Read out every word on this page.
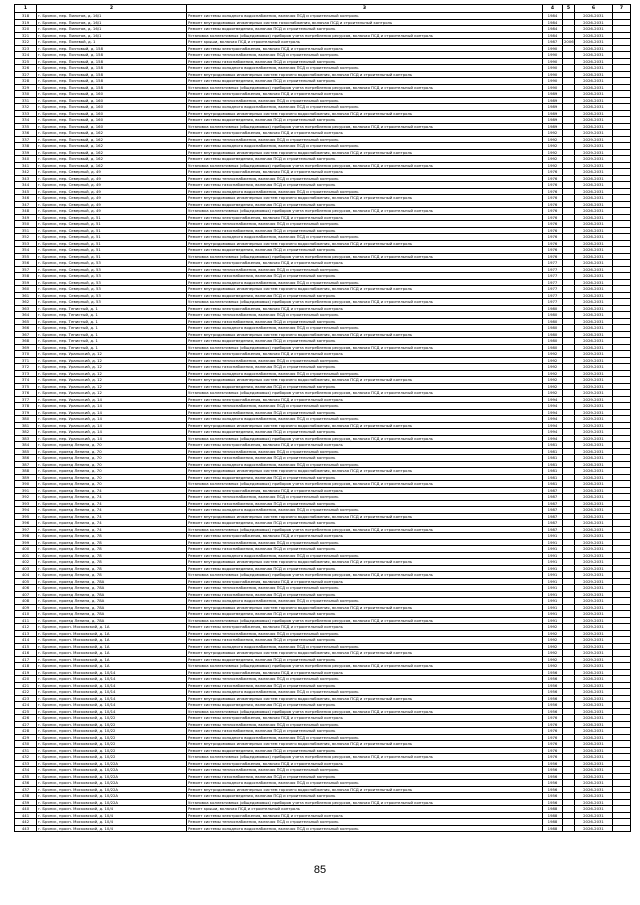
1	2	3	4	5	6	7
318	г. Брянск, пер. Пилотов, д. 16/1	Ремонт системы холодного водоснабжения, включая ПСД и строительный контроль	1984		2026-2031	
319	г. Брянск, пер. Пилотов, д. 16/1	Ремонт внутридомовых инженерных систем газоснабжения, включая ПСД и строительный контроль	1984		2026-2031	
320	г. Брянск, пер. Пилотов, д. 16/1	Ремонт системы водоотведения, включая ПСД и строительный контроль	1984		2026-2031	
321	г. Брянск, пер. Пилотов, д. 16/1	Установка коллективных (общедомовых) приборов учета потребления ресурсов, включая ПСД и строительный контроль	1984		2026-2031	
322	г. Брянск, пер. Полевой, д. 1	Ремонт крыши, включая ПСД и строительный контроль	1987	2006	2026-2031	
323	г. Брянск, пер. Почтовый, д. 158	Ремонт системы электроснабжения, включая ПСД и строительный контроль	1990		2026-2031	
324	г. Брянск, пер. Почтовый, д. 158	Ремонт системы теплоснабжения, включая ПСД и строительный контроль	1990		2026-2031	
325	г. Брянск, пер. Почтовый, д. 158	Ремонт системы газоснабжения, включая ПСД и строительный контроль	1990		2026-2031	
326	г. Брянск, пер. Почтовый, д. 158	Ремонт системы холодного водоснабжения, включая ПСД и строительный контроль	1990		2026-2031	
327	г. Брянск, пер. Почтовый, д. 158	Ремонт внутридомовых инженерных систем горячего водоснабжения, включая ПСД и строительный контроль	1990		2026-2031	
328	г. Брянск, пер. Почтовый, д. 158	Ремонт системы водоотведения, включая ПСД и строительный контроль	1990		2026-2031	
329	г. Брянск, пер. Почтовый, д. 158	Установка коллективных (общедомовых) приборов учета потребления ресурсов, включая ПСД и строительный контроль	1990		2026-2031	
330	г. Брянск, пер. Почтовый, д. 160	Ремонт системы электроснабжения, включая ПСД и строительный контроль	1989		2026-2031	
331	г. Брянск, пер. Почтовый, д. 160	Ремонт системы теплоснабжения, включая ПСД и строительный контроль	1989		2026-2031	
332	г. Брянск, пер. Почтовый, д. 160	Ремонт системы холодного водоснабжения, включая ПСД и строительный контроль	1989		2026-2031	
333	г. Брянск, пер. Почтовый, д. 160	Ремонт внутридомовых инженерных систем горячего водоснабжения, включая ПСД и строительный контроль	1989		2026-2031	
334	г. Брянск, пер. Почтовый, д. 160	Ремонт системы водоотведения, включая ПСД и строительный контроль	1989		2026-2031	
335	г. Брянск, пер. Почтовый, д. 160	Установка коллективных (общедомовых) приборов учета потребления ресурсов, включая ПСД и строительный контроль	1989		2026-2031	
336	г. Брянск, пер. Почтовый, д. 162	Ремонт системы электроснабжения, включая ПСД и строительный контроль	1992		2029-2031	
337	г. Брянск, пер. Почтовый, д. 162	Ремонт системы теплоснабжения, включая ПСД и строительный контроль	1992		2029-2031	
338	г. Брянск, пер. Почтовый, д. 162	Ремонт системы холодного водоснабжения, включая ПСД и строительный контроль	1992		2029-2031	
339	г. Брянск, пер. Почтовый, д. 162	Ремонт внутридомовых инженерных систем горячего водоснабжения, включая ПСД и строительный контроль	1992		2029-2031	
340	г. Брянск, пер. Почтовый, д. 162	Ремонт системы водоотведения, включая ПСД и строительный контроль	1992		2029-2031	
341	г. Брянск, пер. Почтовый, д. 162	Установка коллективных (общедомовых) приборов учета потребления ресурсов, включая ПСД и строительный контроль	1992		2029-2031	
342	г. Брянск, пер. Северный, д. 49	Ремонт системы электроснабжения, включая ПСД и строительный контроль	1976		2026-2031	
343	г. Брянск, пер. Северный, д. 49	Ремонт системы теплоснабжения, включая ПСД и строительный контроль	1976		2026-2031	
344	г. Брянск, пер. Северный, д. 49	Ремонт системы газоснабжения, включая ПСД и строительный контроль	1976		2026-2031	
345	г. Брянск, пер. Северный, д. 49	Ремонт системы холодного водоснабжения, включая ПСД и строительный контроль	1976		2026-2031	
346	г. Брянск, пер. Северный, д. 49	Ремонт внутридомовых инженерных систем горячего водоснабжения, включая ПСД и строительный контроль	1976		2026-2031	
347	г. Брянск, пер. Северный, д. 49	Ремонт системы водоотведения, включая ПСД и строительный контроль	1976		2026-2031	
348	г. Брянск, пер. Северный, д. 49	Установка коллективных (общедомовых) приборов учета потребления ресурсов, включая ПСД и строительный контроль	1976		2026-2031	
349	г. Брянск, пер. Северный, д. 51	Ремонт системы электроснабжения, включая ПСД и строительный контроль	1976		2026-2031	
350	г. Брянск, пер. Северный, д. 51	Ремонт системы теплоснабжения, включая ПСД и строительный контроль	1976		2026-2031	
351	г. Брянск, пер. Северный, д. 51	Ремонт системы газоснабжения, включая ПСД и строительный контроль	1976		2026-2031	
352	г. Брянск, пер. Северный, д. 51	Ремонт системы холодного водоснабжения, включая ПСД и строительный контроль	1976		2026-2031	
353	г. Брянск, пер. Северный, д. 51	Ремонт внутридомовых инженерных систем горячего водоснабжения, включая ПСД и строительный контроль	1976		2026-2031	
354	г. Брянск, пер. Северный, д. 51	Ремонт системы водоотведения, включая ПСД и строительный контроль	1976		2026-2031	
355	г. Брянск, пер. Северный, д. 51	Установка коллективных (общедомовых) приборов учета потребления ресурсов, включая ПСД и строительный контроль	1976		2026-2031	
356	г. Брянск, пер. Северный, д. 53	Ремонт системы электроснабжения, включая ПСД и строительный контроль	1977		2026-2031	
357	г. Брянск, пер. Северный, д. 53	Ремонт системы теплоснабжения, включая ПСД и строительный контроль	1977		2026-2031	
358	г. Брянск, пер. Северный, д. 53	Ремонт системы газоснабжения, включая ПСД и строительный контроль	1977		2026-2031	
359	г. Брянск, пер. Северный, д. 53	Ремонт системы холодного водоснабжения, включая ПСД и строительный контроль	1977		2026-2031	
360	г. Брянск, пер. Северный, д. 53	Ремонт внутридомовых инженерных систем горячего водоснабжения, включая ПСД и строительный контроль	1977		2026-2031	
361	г. Брянск, пер. Северный, д. 53	Ремонт системы водоотведения, включая ПСД и строительный контроль	1977		2026-2031	
362	г. Брянск, пер. Северный, д. 53	Установка коллективных (общедомовых) приборов учета потребления ресурсов, включая ПСД и строительный контроль	1977		2026-2031	
363	г. Брянск, пер. Тенистый, д. 1	Ремонт системы электроснабжения, включая ПСД и строительный контроль	1980		2026-2031	
364	г. Брянск, пер. Тенистый, д. 1	Ремонт системы теплоснабжения, включая ПСД и строительный контроль	1980		2026-2031	
365	г. Брянск, пер. Тенистый, д. 1	Ремонт системы газоснабжения, включая ПСД и строительный контроль	1980		2026-2031	
366	г. Брянск, пер. Тенистый, д. 1	Ремонт системы холодного водоснабжения, включая ПСД и строительный контроль	1980		2026-2031	
367	г. Брянск, пер. Тенистый, д. 1	Ремонт внутридомовых инженерных систем горячего водоснабжения, включая ПСД и строительный контроль	1980		2026-2031	
368	г. Брянск, пер. Тенистый, д. 1	Ремонт системы водоотведения, включая ПСД и строительный контроль	1980		2026-2031	
369	г. Брянск, пер. Тенистый, д. 1	Установка коллективных (общедомовых) приборов учета потребления ресурсов, включая ПСД и строительный контроль	1980		2026-2031	
370	г. Брянск, пер. Уральский, д. 12	Ремонт системы электроснабжения, включая ПСД и строительный контроль	1992		2029-2031	
371	г. Брянск, пер. Уральский, д. 12	Ремонт системы теплоснабжения, включая ПСД и строительный контроль	1992		2029-2031	
372	г. Брянск, пер. Уральский, д. 12	Ремонт системы газоснабжения, включая ПСД и строительный контроль	1992		2029-2031	
373	г. Брянск, пер. Уральский, д. 12	Ремонт системы холодного водоснабжения, включая ПСД и строительный контроль	1992		2029-2031	
374	г. Брянск, пер. Уральский, д. 12	Ремонт внутридомовых инженерных систем горячего водоснабжения, включая ПСД и строительный контроль	1992		2029-2031	
375	г. Брянск, пер. Уральский, д. 12	Ремонт системы водоотведения, включая ПСД и строительный контроль	1992		2029-2031	
376	г. Брянск, пер. Уральский, д. 12	Установка коллективных (общедомовых) приборов учета потребления ресурсов, включая ПСД и строительный контроль	1992		2029-2031	
377	г. Брянск, пер. Уральский, д. 14	Ремонт системы электроснабжения, включая ПСД и строительный контроль	1994		2029-2031	
378	г. Брянск, пер. Уральский, д. 14	Ремонт системы теплоснабжения, включая ПСД и строительный контроль	1994		2029-2031	
379	г. Брянск, пер. Уральский, д. 14	Ремонт системы газоснабжения, включая ПСД и строительный контроль	1994		2029-2031	
380	г. Брянск, пер. Уральский, д. 14	Ремонт системы холодного водоснабжения, включая ПСД и строительный контроль	1994		2029-2031	
381	г. Брянск, пер. Уральский, д. 14	Ремонт внутридомовых инженерных систем горячего водоснабжения, включая ПСД и строительный контроль	1994		2029-2031	
382	г. Брянск, пер. Уральский, д. 14	Ремонт системы водоотведения, включая ПСД и строительный контроль	1994		2029-2031	
383	г. Брянск, пер. Уральский, д. 14	Установка коллективных (общедомовых) приборов учета потребления ресурсов, включая ПСД и строительный контроль	1994		2029-2031	
384	г. Брянск, проезд Ленина, д. 70	Ремонт системы электроснабжения, включая ПСД и строительный контроль	1981		2026-2031	
385	г. Брянск, проезд Ленина, д. 70	Ремонт системы теплоснабжения, включая ПСД и строительный контроль	1981		2026-2031	
386	г. Брянск, проезд Ленина, д. 70	Ремонт системы газоснабжения, включая ПСД и строительный контроль	1981		2026-2031	
387	г. Брянск, проезд Ленина, д. 70	Ремонт системы холодного водоснабжения, включая ПСД и строительный контроль	1981		2026-2031	
388	г. Брянск, проезд Ленина, д. 70	Ремонт внутридомовых инженерных систем горячего водоснабжения, включая ПСД и строительный контроль	1981		2026-2031	
389	г. Брянск, проезд Ленина, д. 70	Ремонт системы водоотведения, включая ПСД и строительный контроль	1981		2026-2031	
390	г. Брянск, проезд Ленина, д. 70	Установка коллективных (общедомовых) приборов учета потребления ресурсов, включая ПСД и строительный контроль	1981		2026-2031	
391	г. Брянск, проезд Ленина, д. 74	Ремонт системы электроснабжения, включая ПСД и строительный контроль	1987		2026-2031	
392	г. Брянск, проезд Ленина, д. 74	Ремонт системы теплоснабжения, включая ПСД и строительный контроль	1987		2026-2031	
393	г. Брянск, проезд Ленина, д. 74	Ремонт системы газоснабжения, включая ПСД и строительный контроль	1987		2026-2031	
394	г. Брянск, проезд Ленина, д. 74	Ремонт системы холодного водоснабжения, включая ПСД и строительный контроль	1987		2026-2031	
395	г. Брянск, проезд Ленина, д. 74	Ремонт внутридомовых инженерных систем горячего водоснабжения, включая ПСД и строительный контроль	1987		2026-2031	
396	г. Брянск, проезд Ленина, д. 74	Ремонт системы водоотведения, включая ПСД и строительный контроль	1987		2026-2031	
397	г. Брянск, проезд Ленина, д. 74	Установка коллективных (общедомовых) приборов учета потребления ресурсов, включая ПСД и строительный контроль	1987		2026-2031	
398	г. Брянск, проезд Ленина, д. 78	Ремонт системы электроснабжения, включая ПСД и строительный контроль	1991		2029-2031	
399	г. Брянск, проезд Ленина, д. 78	Ремонт системы теплоснабжения, включая ПСД и строительный контроль	1991		2029-2031	
400	г. Брянск, проезд Ленина, д. 78	Ремонт системы газоснабжения, включая ПСД и строительный контроль	1991		2029-2031	
401	г. Брянск, проезд Ленина, д. 78	Ремонт системы холодного водоснабжения, включая ПСД и строительный контроль	1991		2029-2031	
402	г. Брянск, проезд Ленина, д. 78	Ремонт внутридомовых инженерных систем горячего водоснабжения, включая ПСД и строительный контроль	1991		2029-2031	
403	г. Брянск, проезд Ленина, д. 78	Ремонт системы водоотведения, включая ПСД и строительный контроль	1991		2029-2031	
404	г. Брянск, проезд Ленина, д. 78	Установка коллективных (общедомовых) приборов учета потребления ресурсов, включая ПСД и строительный контроль	1991		2029-2031	
405	г. Брянск, проезд Ленина, д. 78А	Ремонт системы электроснабжения, включая ПСД и строительный контроль	1991		2029-2031	
406	г. Брянск, проезд Ленина, д. 78А	Ремонт системы теплоснабжения, включая ПСД и строительный контроль	1991		2029-2031	
407	г. Брянск, проезд Ленина, д. 78А	Ремонт системы газоснабжения, включая ПСД и строительный контроль	1991		2029-2031	
408	г. Брянск, проезд Ленина, д. 78А	Ремонт системы холодного водоснабжения, включая ПСД и строительный контроль	1991		2029-2031	
409	г. Брянск, проезд Ленина, д. 78А	Ремонт внутридомовых инженерных систем горячего водоснабжения, включая ПСД и строительный контроль	1991		2029-2031	
410	г. Брянск, проезд Ленина, д. 78А	Ремонт системы водоотведения, включая ПСД и строительный контроль	1991		2029-2031	
411	г. Брянск, проезд Ленина, д. 78А	Установка коллективных (общедомовых) приборов учета потребления ресурсов, включая ПСД и строительный контроль	1991		2029-2031	
412	г. Брянск, просп. Московский, д. 1А	Ремонт системы электроснабжения, включая ПСД и строительный контроль	1992		2029-2031	
413	г. Брянск, просп. Московский, д. 1А	Ремонт системы теплоснабжения, включая ПСД и строительный контроль	1992		2029-2031	
414	г. Брянск, просп. Московский, д. 1А	Ремонт системы газоснабжения, включая ПСД и строительный контроль	1992		2029-2031	
415	г. Брянск, просп. Московский, д. 1А	Ремонт системы холодного водоснабжения, включая ПСД и строительный контроль	1992		2029-2031	
416	г. Брянск, просп. Московский, д. 1А	Ремонт внутридомовых инженерных систем горячего водоснабжения, включая ПСД и строительный контроль	1992		2029-2031	
417	г. Брянск, просп. Московский, д. 1А	Ремонт системы водоотведения, включая ПСД и строительный контроль	1992		2029-2031	
418	г. Брянск, просп. Московский, д. 1А	Установка коллективных (общедомовых) приборов учета потребления ресурсов, включая ПСД и строительный контроль	1992		2029-2031	
419	г. Брянск, просп. Московский, д. 10/14	Ремонт системы электроснабжения, включая ПСД и строительный контроль	1956		2026-2031	
420	г. Брянск, просп. Московский, д. 10/14	Ремонт системы теплоснабжения, включая ПСД и строительный контроль	1956		2026-2031	
421	г. Брянск, просп. Московский, д. 10/14	Ремонт системы газоснабжения, включая ПСД и строительный контроль	1956		2026-2031	
422	г. Брянск, просп. Московский, д. 10/14	Ремонт системы холодного водоснабжения, включая ПСД и строительный контроль	1956		2026-2031	
423	г. Брянск, просп. Московский, д. 10/14	Ремонт внутридомовых инженерных систем горячего водоснабжения, включая ПСД и строительный контроль	1956		2026-2031	
424	г. Брянск, просп. Московский, д. 10/14	Ремонт системы водоотведения, включая ПСД и строительный контроль	1956		2026-2031	
425	г. Брянск, просп. Московский, д. 10/14	Установка коллективных (общедомовых) приборов учета потребления ресурсов, включая ПСД и строительный контроль	1956		2026-2031	
426	г. Брянск, просп. Московский, д. 10/22	Ремонт системы электроснабжения, включая ПСД и строительный контроль	1976		2026-2031	
427	г. Брянск, просп. Московский, д. 10/22	Ремонт системы теплоснабжения, включая ПСД и строительный контроль	1976		2026-2031	
428	г. Брянск, просп. Московский, д. 10/22	Ремонт системы газоснабжения, включая ПСД и строительный контроль	1976		2026-2031	
429	г. Брянск, просп. Московский, д. 10/22	Ремонт системы холодного водоснабжения, включая ПСД и строительный контроль	1976		2026-2031	
430	г. Брянск, просп. Московский, д. 10/22	Ремонт внутридомовых инженерных систем горячего водоснабжения, включая ПСД и строительный контроль	1976		2026-2031	
431	г. Брянск, просп. Московский, д. 10/22	Ремонт системы водоотведения, включая ПСД и строительный контроль	1976		2026-2031	
432	г. Брянск, просп. Московский, д. 10/22	Установка коллективных (общедомовых) приборов учета потребления ресурсов, включая ПСД и строительный контроль	1976		2026-2031	
433	г. Брянск, просп. Московский, д. 10/22А	Ремонт системы электроснабжения, включая ПСД и строительный контроль	1956		2026-2031	
434	г. Брянск, просп. Московский, д. 10/22А	Ремонт системы теплоснабжения, включая ПСД и строительный контроль	1956		2026-2031	
435	г. Брянск, просп. Московский, д. 10/22А	Ремонт системы газоснабжения, включая ПСД и строительный контроль	1956		2026-2031	
436	г. Брянск, просп. Московский, д. 10/22А	Ремонт системы холодного водоснабжения, включая ПСД и строительный контроль	1956		2026-2031	
437	г. Брянск, просп. Московский, д. 10/22А	Ремонт внутридомовых инженерных систем горячего водоснабжения, включая ПСД и строительный контроль	1956		2026-2031	
438	г. Брянск, просп. Московский, д. 10/22А	Ремонт системы водоотведения, включая ПСД и строительный контроль	1956		2026-2031	
439	г. Брянск, просп. Московский, д. 10/22А	Установка коллективных (общедомовых) приборов учета потребления ресурсов, включая ПСД и строительный контроль	1956		2026-2031	
440	г. Брянск, просп. Московский, д. 10/4	Ремонт крыши, включая ПСД и строительный контроль	1988		2026-2031	
441	г. Брянск, просп. Московский, д. 10/4	Ремонт системы электроснабжения, включая ПСД и строительный контроль	1988		2026-2031	
442	г. Брянск, просп. Московский, д. 10/4	Ремонт системы теплоснабжения, включая ПСД и строительный контроль	1988		2026-2031	
443	г. Брянск, просп. Московский, д. 10/4	Ремонт системы холодного водоснабжения, включая ПСД и строительный контроль	1988		2026-2031	
85
